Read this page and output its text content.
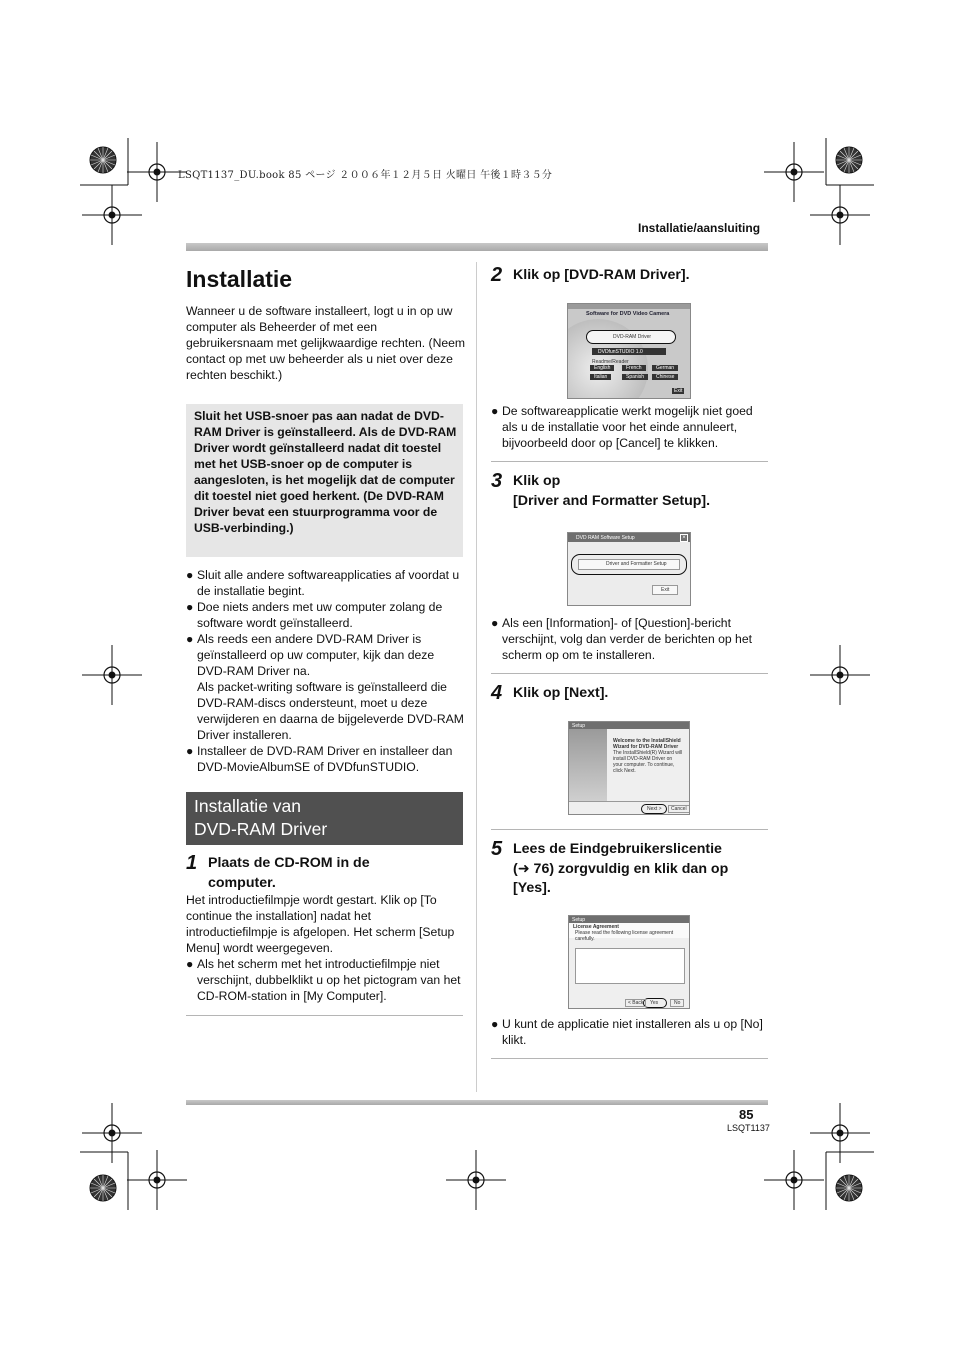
LSQT1137_DU.book 85 ページ ２００６年１２月５日 火曜日 午後１時３５分
Installatie/aansluiting
Installatie
Wanneer u de software installeert, logt u in op uw computer als Beheerder of met een gebruikersnaam met gelijkwaardige rechten. (Neem contact op met uw beheerder als u niet over deze rechten beschikt.)
Sluit het USB-snoer pas aan nadat de DVD-RAM Driver is geïnstalleerd. Als de DVD-RAM Driver wordt geïnstalleerd nadat dit toestel met het USB-snoer op de computer is aangesloten, is het mogelijk dat de computer dit toestel niet goed herkent. (De DVD-RAM Driver bevat een stuurprogramma voor de USB-verbinding.)
● Sluit alle andere softwareapplicaties af voordat u de installatie begint.
● Doe niets anders met uw computer zolang de software wordt geïnstalleerd.
● Als reeds een andere DVD-RAM Driver is geïnstalleerd op uw computer, kijk dan deze DVD-RAM Driver na.
Als packet-writing software is geïnstalleerd die DVD-RAM-discs ondersteunt, moet u deze verwijderen en daarna de bijgeleverde DVD-RAM Driver installeren.
● Installeer de DVD-RAM Driver en installeer dan DVD-MovieAlbumSE of DVDfunSTUDIO.
Installatie van
DVD-RAM Driver
1 Plaats de CD-ROM in de computer.
Het introductiefilmpje wordt gestart. Klik op [To continue the installation] nadat het introductiefilmpje is afgelopen. Het scherm [Setup Menu] wordt weergegeven.
● Als het scherm met het introductiefilmpje niet verschijnt, dubbelklikt u op het pictogram van het CD-ROM-station in [My Computer].
2 Klik op [DVD-RAM Driver].
Software for DVD Video Camera
DVD-RAM Driver
DVDfunSTUDIO 1.0
Readme/Reader
English	French	German
Italian	Spanish	Chinese
Exit
● De softwareapplicatie werkt mogelijk niet goed als u de installatie voor het einde annuleert, bijvoorbeeld door op [Cancel] te klikken.
3 Klik op
[Driver and Formatter Setup].
DVD RAM Software Setup	×
Driver and Formatter Setup
Exit
● Als een [Information]- of [Question]-bericht verschijnt, volg dan verder de berichten op het scherm op om te installeren.
4 Klik op [Next].
Setup
Welcome to the InstallShield Wizard for DVD-RAM Driver
The InstallShield(R) Wizard will install DVD-RAM Driver on your computer. To continue, click Next.
Next >	Cancel
5 Lees de Eindgebruikerslicentie
(➜ 76) zorgvuldig en klik dan op
[Yes].
Setup
License Agreement
Please read the following license agreement carefully.
Yes
< Back	No
● U kunt de applicatie niet installeren als u op [No] klikt.
85
LSQT1137
